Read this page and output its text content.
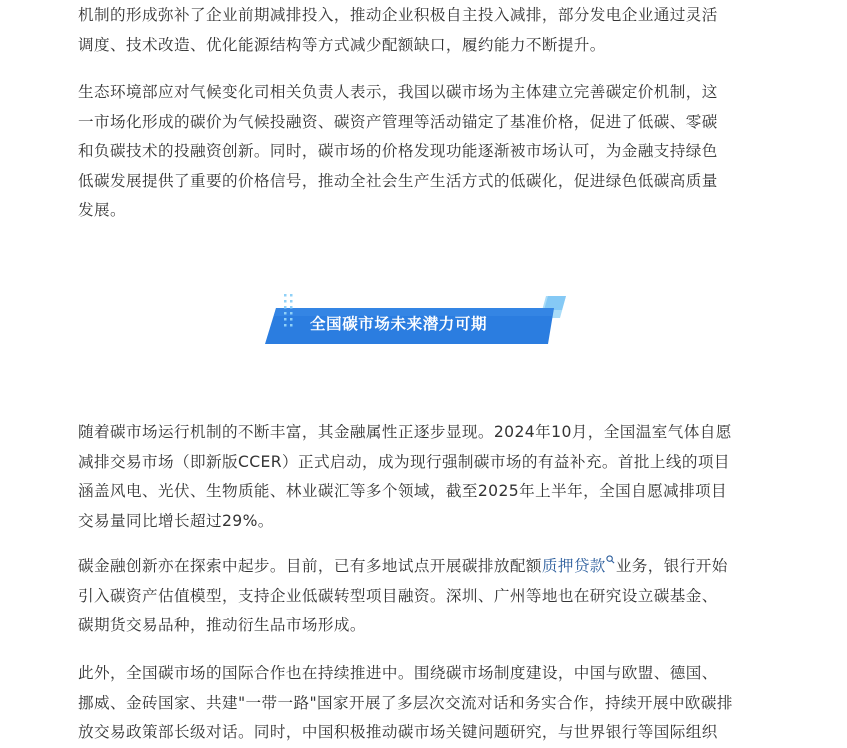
机制的形成弥补了企业前期减排投入，推动企业积极自主投入减排，部分发电企业通过灵活
调度、技术改造、优化能源结构等方式减少配额缺口，履约能力不断提升。

生态环境部应对气候变化司相关负责人表示，我国以碳市场为主体建立完善碳定价机制，这
一市场化形成的碳价为气候投融资、碳资产管理等活动锚定了基准价格，促进了低碳、零碳
和负碳技术的投融资创新。同时，碳市场的价格发现功能逐渐被市场认可，为金融支持绿色
低碳发展提供了重要的价格信号，推动全社会生产生活方式的低碳化，促进绿色低碳高质量
发展。

全国碳市场未来潜力可期

随着碳市场运行机制的不断丰富，其金融属性正逐步显现。2024年10月，全国温室气体自愿
减排交易市场（即新版CCER）正式启动，成为现行强制碳市场的有益补充。首批上线的项目
涵盖风电、光伏、生物质能、林业碳汇等多个领域，截至2025年上半年，全国自愿减排项目
交易量同比增长超过29%。

碳金融创新亦在探索中起步。目前，已有多地试点开展碳排放配额质押贷款 业务，银行开始
引入碳资产估值模型，支持企业低碳转型项目融资。深圳、广州等地也在研究设立碳基金、
碳期货交易品种，推动衍生品市场形成。

此外，全国碳市场的国际合作也在持续推进中。围绕碳市场制度建设，中国与欧盟、德国、
挪威、金砖国家、共建"一带一路"国家开展了多层次交流对话和务实合作，持续开展中欧碳排
放交易政策部长级对话。同时，中国积极推动碳市场关键问题研究，与世界银行等国际组织
